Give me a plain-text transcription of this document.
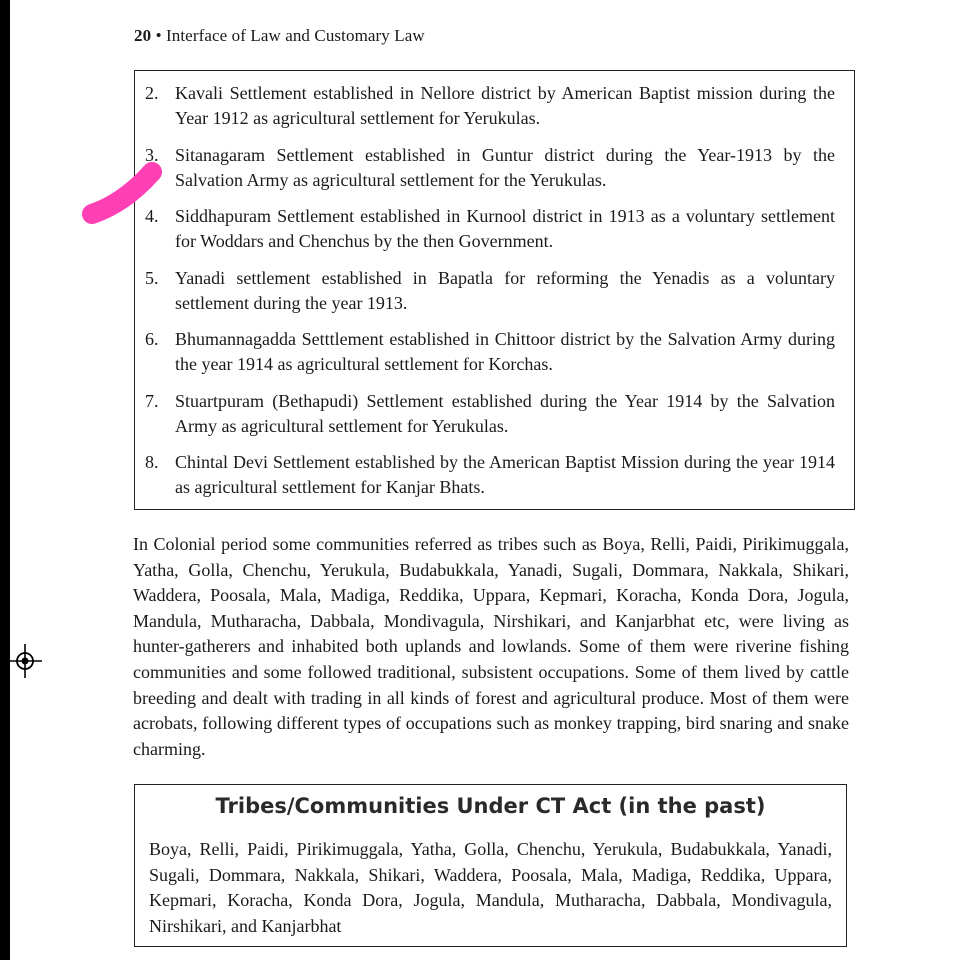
20 • Interface of Law and Customary Law
2. Kavali Settlement established in Nellore district by American Baptist mission during the Year 1912 as agricultural settlement for Yerukulas.
3. Sitanagaram Settlement established in Guntur district during the Year-1913 by the Salvation Army as agricultural settlement for the Yerukulas.
4. Siddhapuram Settlement established in Kurnool district in 1913 as a voluntary settlement for Woddars and Chenchus by the then Government.
5. Yanadi settlement established in Bapatla for reforming the Yenadis as a voluntary settlement during the year 1913.
6. Bhumannagadda Setttlement established in Chittoor district by the Salvation Army during the year 1914 as agricultural settlement for Korchas.
7. Stuartpuram (Bethapudi) Settlement established during the Year 1914 by the Salvation Army as agricultural settlement for Yerukulas.
8. Chintal Devi Settlement established by the American Baptist Mission during the year 1914 as agricultural settlement for Kanjar Bhats.
In Colonial period some communities referred as tribes such as Boya, Relli, Paidi, Pirikimuggala, Yatha, Golla, Chenchu, Yerukula, Budabukkala, Yanadi, Sugali, Dommara, Nakkala, Shikari, Waddera, Poosala, Mala, Madiga, Reddika, Uppara, Kepmari, Koracha, Konda Dora, Jogula, Mandula, Mutharacha, Dabbala, Mondivagula, Nirshikari, and Kanjarbhat etc, were living as hunter-gatherers and inhabited both uplands and lowlands. Some of them were riverine fishing communities and some followed traditional, subsistent occupations. Some of them lived by cattle breeding and dealt with trading in all kinds of forest and agricultural produce. Most of them were acrobats, following different types of occupations such as monkey trapping, bird snaring and snake charming.
Tribes/Communities Under CT Act (in the past)
Boya, Relli, Paidi, Pirikimuggala, Yatha, Golla, Chenchu, Yerukula, Budabukkala, Yanadi, Sugali, Dommara, Nakkala, Shikari, Waddera, Poosala, Mala, Madiga, Reddika, Uppara, Kepmari, Koracha, Konda Dora, Jogula, Mandula, Mutharacha, Dabbala, Mondivagula, Nirshikari, and Kanjarbhat
